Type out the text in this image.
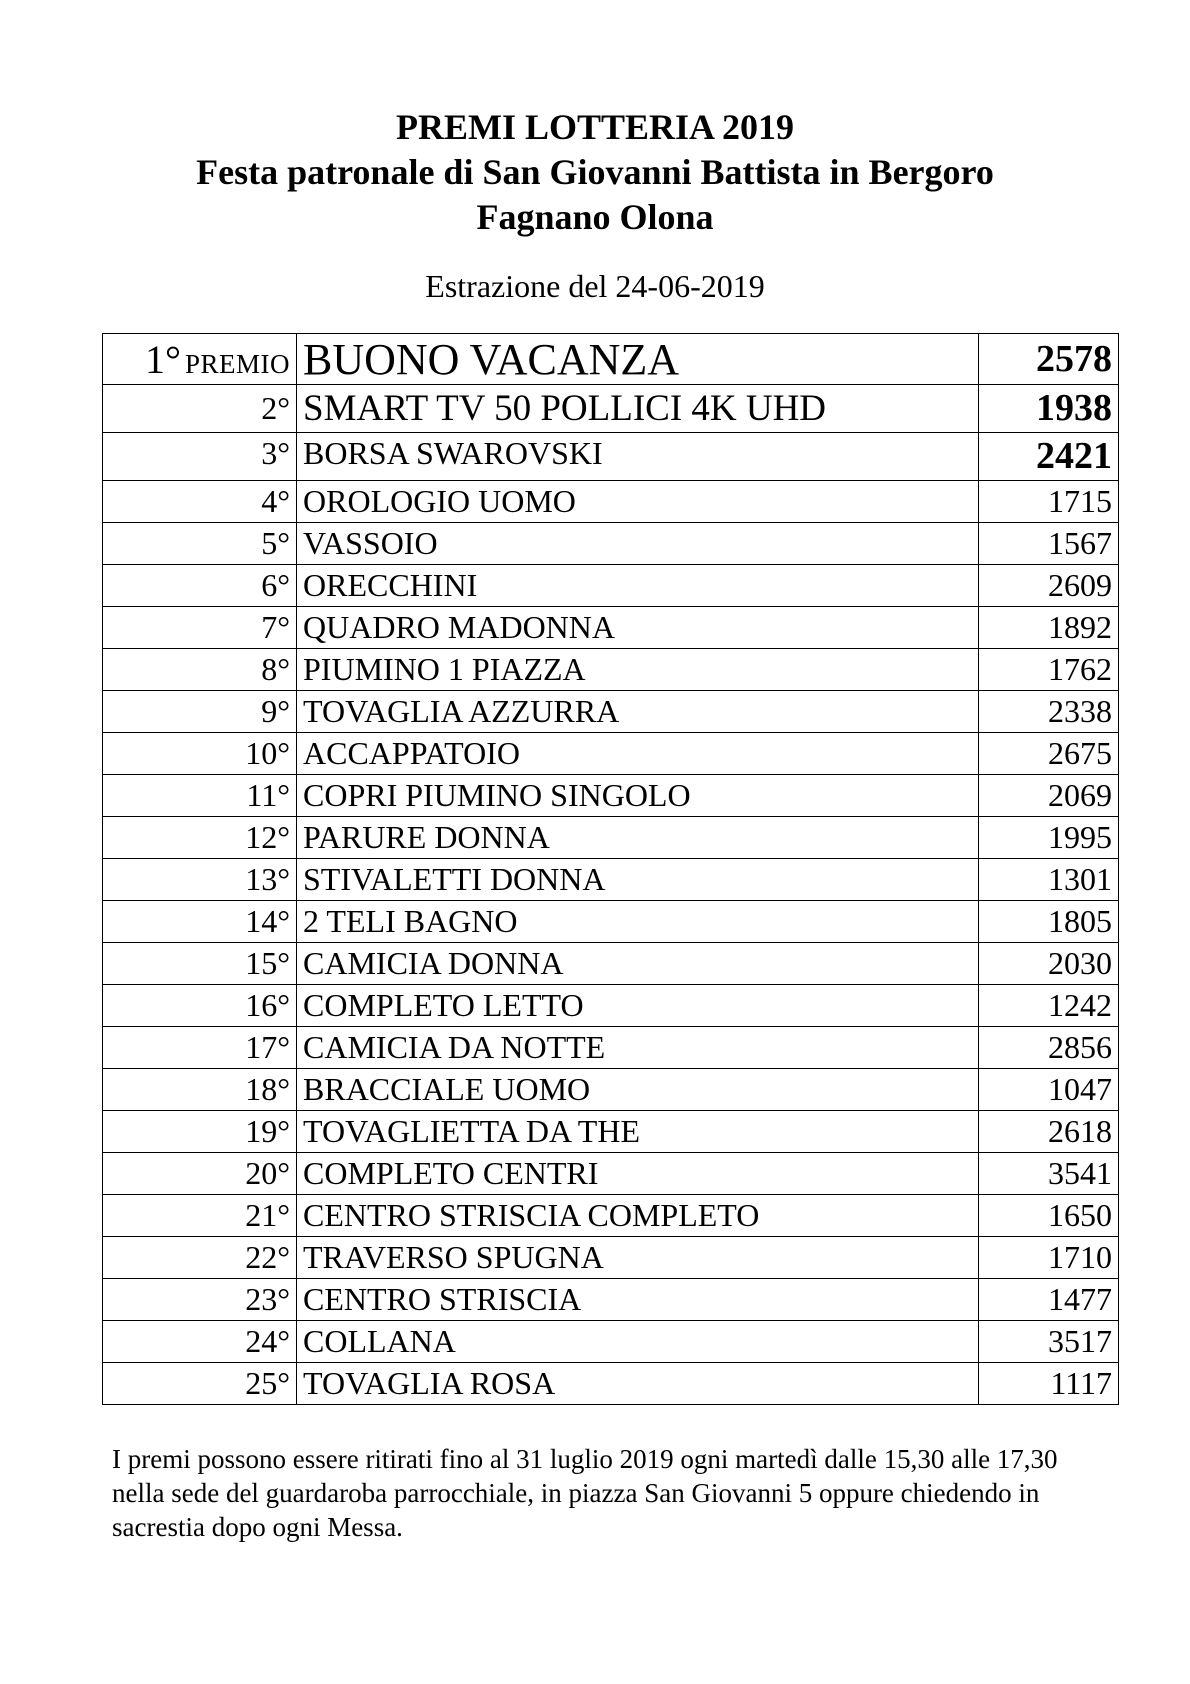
PREMI LOTTERIA 2019
Festa patronale di San Giovanni Battista in Bergoro
Fagnano Olona
Estrazione del 24-06-2019
1° PREMIO	BUONO VACANZA	2578
2°	SMART TV 50 POLLICI 4K UHD	1938
3°	BORSA SWAROVSKI	2421
4°	OROLOGIO UOMO	1715
5°	VASSOIO	1567
6°	ORECCHINI	2609
7°	QUADRO MADONNA	1892
8°	PIUMINO 1 PIAZZA	1762
9°	TOVAGLIA AZZURRA	2338
10°	ACCAPPATOIO	2675
11°	COPRI PIUMINO SINGOLO	2069
12°	PARURE DONNA	1995
13°	STIVALETTI DONNA	1301
14°	2 TELI BAGNO	1805
15°	CAMICIA DONNA	2030
16°	COMPLETO LETTO	1242
17°	CAMICIA DA NOTTE	2856
18°	BRACCIALE UOMO	1047
19°	TOVAGLIETTA DA THE	2618
20°	COMPLETO CENTRI	3541
21°	CENTRO STRISCIA COMPLETO	1650
22°	TRAVERSO SPUGNA	1710
23°	CENTRO STRISCIA	1477
24°	COLLANA	3517
25°	TOVAGLIA ROSA	1117
I premi possono essere ritirati fino al 31 luglio 2019 ogni martedì dalle 15,30 alle 17,30 nella sede del guardaroba parrocchiale, in piazza San Giovanni 5 oppure chiedendo in sacrestia dopo ogni Messa.
